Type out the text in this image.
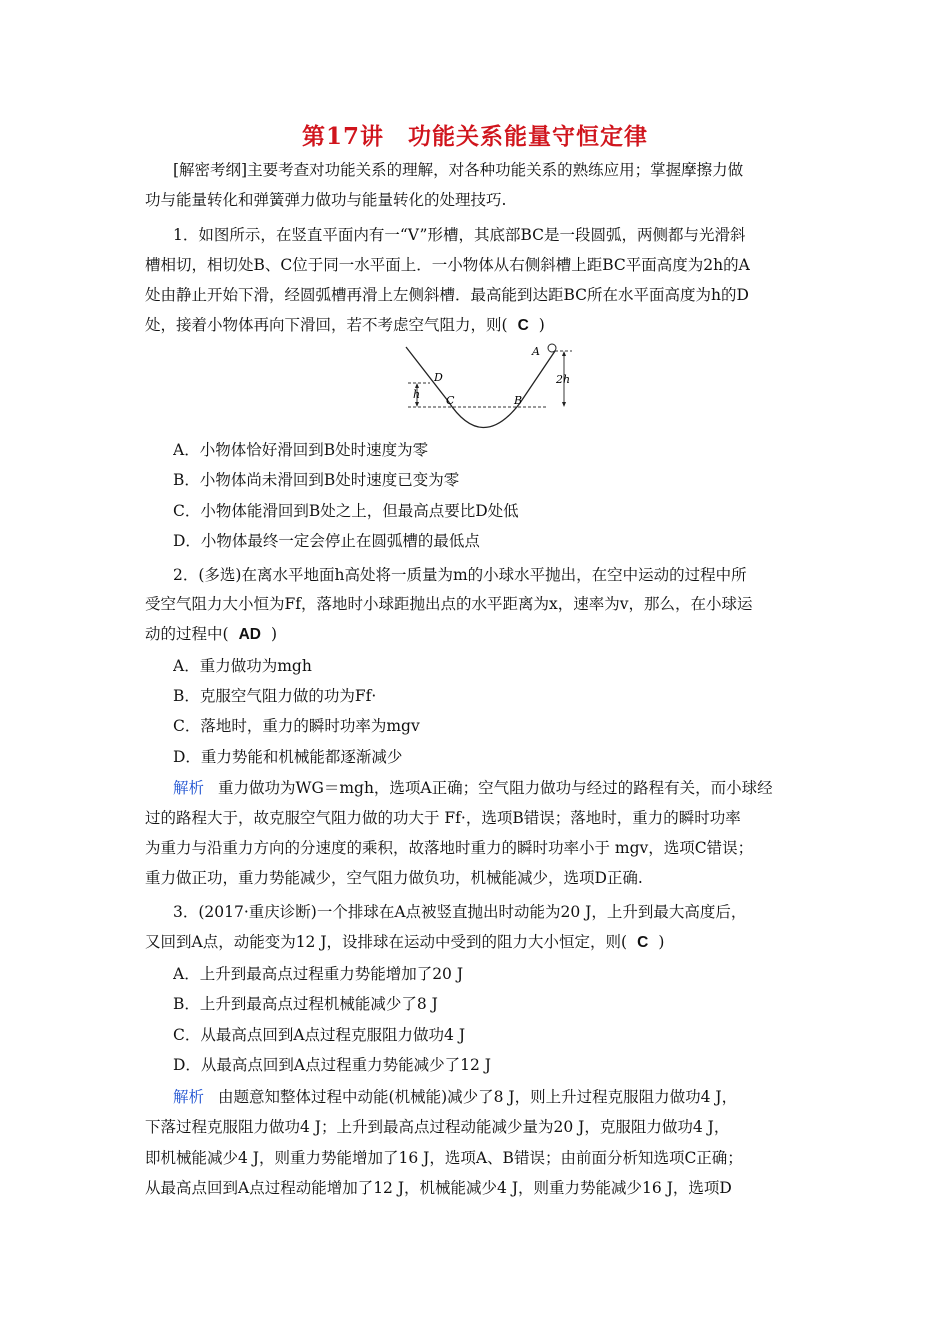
第17讲　功能关系能量守恒定律
[解密考纲]主要考查对功能关系的理解，对各种功能关系的熟练应用；掌握摩擦力做
功与能量转化和弹簧弹力做功与能量转化的处理技巧.
1．如图所示，在竖直平面内有一“V”形槽，其底部BC是一段圆弧，两侧都与光滑斜
槽相切，相切处B、C位于同一水平面上．一小物体从右侧斜槽上距BC平面高度为2h的A
处由静止开始下滑，经圆弧槽再滑上左侧斜槽．最高能到达距BC所在水平面高度为h的D
处，接着小物体再向下滑回，若不考虑空气阻力，则( C )
A
D
C	B
h
2h
A．小物体恰好滑回到B处时速度为零
B．小物体尚未滑回到B处时速度已变为零
C．小物体能滑回到B处之上，但最高点要比D处低
D．小物体最终一定会停止在圆弧槽的最低点
2．(多选)在离水平地面h高处将一质量为m的小球水平抛出，在空中运动的过程中所
受空气阻力大小恒为Ff，落地时小球距抛出点的水平距离为x，速率为v，那么，在小球运
动的过程中( AD )
A．重力做功为mgh
B．克服空气阻力做的功为Ff·
C．落地时，重力的瞬时功率为mgv
D．重力势能和机械能都逐渐减少
解析 重力做功为WG＝mgh，选项A正确；空气阻力做功与经过的路程有关，而小球经
过的路程大于，故克服空气阻力做的功大于 Ff·，选项B错误；落地时，重力的瞬时功率
为重力与沿重力方向的分速度的乘积，故落地时重力的瞬时功率小于 mgv，选项C错误；
重力做正功，重力势能减少，空气阻力做负功，机械能减少，选项D正确.
3．(2017·重庆诊断)一个排球在A点被竖直抛出时动能为20 J，上升到最大高度后，
又回到A点，动能变为12 J，设排球在运动中受到的阻力大小恒定，则( C )
A．上升到最高点过程重力势能增加了20 J
B．上升到最高点过程机械能减少了8 J
C．从最高点回到A点过程克服阻力做功4 J
D．从最高点回到A点过程重力势能减少了12 J
解析 由题意知整体过程中动能(机械能)减少了8 J，则上升过程克服阻力做功4 J，
下落过程克服阻力做功4 J；上升到最高点过程动能减少量为20 J，克服阻力做功4 J，
即机械能减少4 J，则重力势能增加了16 J，选项A、B错误；由前面分析知选项C正确；
从最高点回到A点过程动能增加了12 J，机械能减少4 J，则重力势能减少16 J，选项D
